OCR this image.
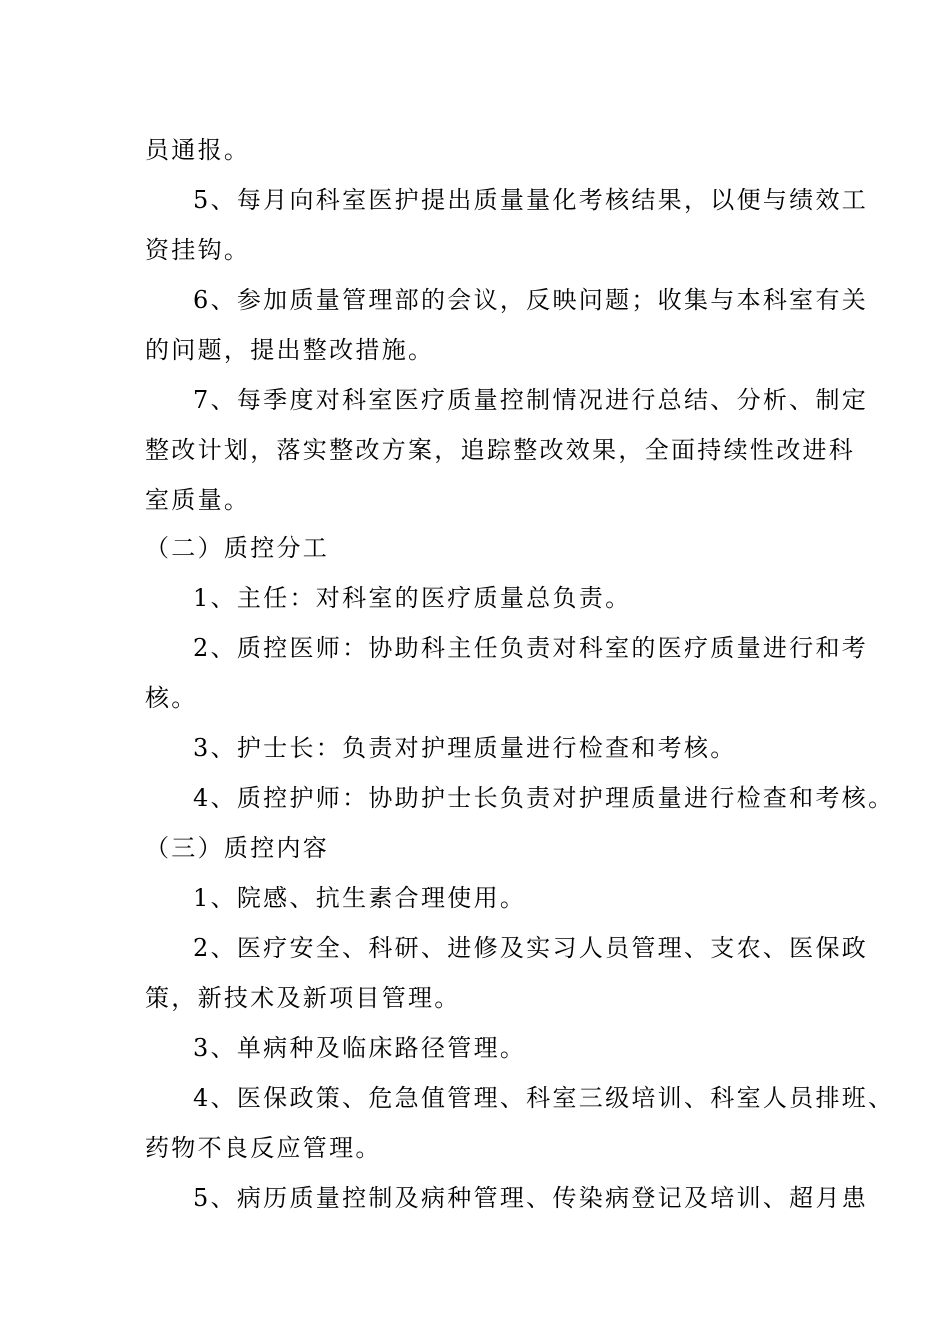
员通报。
5、每月向科室医护提出质量量化考核结果，以便与绩效工
资挂钩。
6、参加质量管理部的会议，反映问题；收集与本科室有关
的问题，提出整改措施。
7、每季度对科室医疗质量控制情况进行总结、分析、制定
整改计划，落实整改方案，追踪整改效果，全面持续性改进科
室质量。
（二）质控分工
1、主任：对科室的医疗质量总负责。
2、质控医师：协助科主任负责对科室的医疗质量进行和考
核。
3、护士长：负责对护理质量进行检查和考核。
4、质控护师：协助护士长负责对护理质量进行检查和考核。
（三）质控内容
1、院感、抗生素合理使用。
2、医疗安全、科研、进修及实习人员管理、支农、医保政
策，新技术及新项目管理。
3、单病种及临床路径管理。
4、医保政策、危急值管理、科室三级培训、科室人员排班、
药物不良反应管理。
5、病历质量控制及病种管理、传染病登记及培训、超月患
